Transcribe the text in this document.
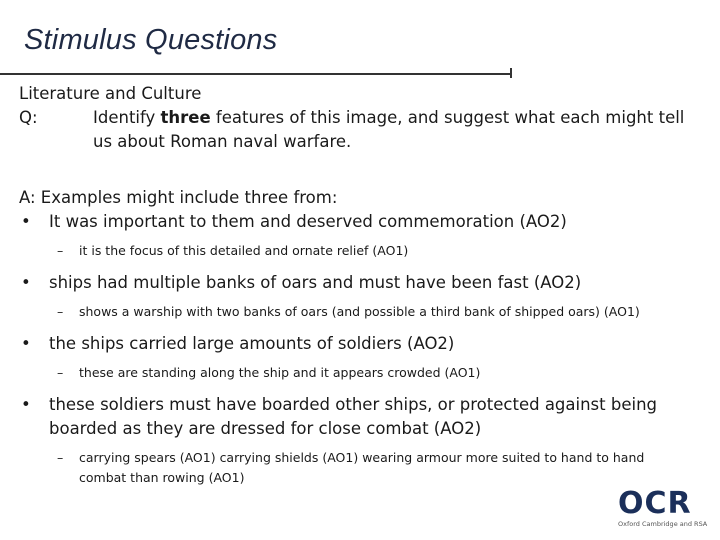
Stimulus Questions
Literature and Culture
Q:	Identify three features of this image, and suggest what each might tell us about Roman naval warfare.
A: Examples might include three from:
•	It was important to them and deserved commemoration (AO2)
–	it is the focus of this detailed and ornate relief (AO1)
•	ships had multiple banks of oars and must have been fast (AO2)
–	shows a warship with two banks of oars (and possible a third bank of shipped oars) (AO1)
•	the ships carried large amounts of soldiers (AO2)
–	these are standing along the ship and it appears crowded (AO1)
•	these soldiers must have boarded other ships, or protected against being boarded as they are dressed for close combat (AO2)
–	carrying spears (AO1) carrying shields (AO1) wearing armour more suited to hand to hand combat than rowing (AO1)
OCR
Oxford Cambridge and RSA
